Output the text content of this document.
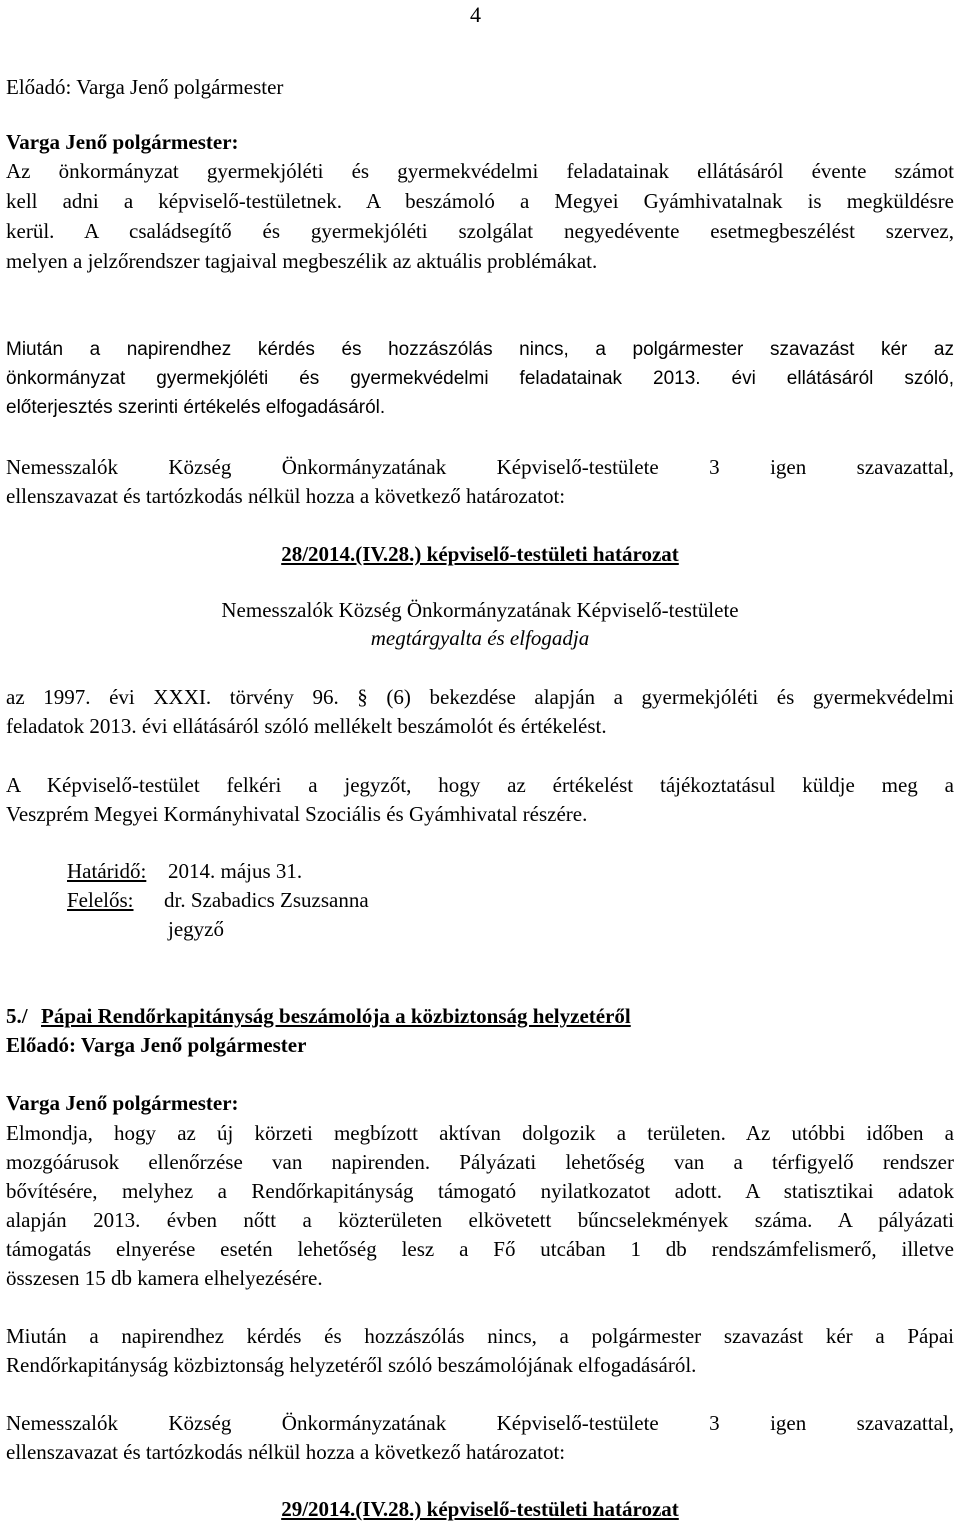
4
Előadó: Varga Jenő polgármester
Varga Jenő polgármester:
Az önkormányzat gyermekjóléti és gyermekvédelmi feladatainak ellátásáról évente számot
kell adni a képviselő-testületnek. A beszámoló a Megyei Gyámhivatalnak is megküldésre
kerül. A családsegítő és gyermekjóléti szolgálat negyedévente esetmegbeszélést szervez,
melyen a jelzőrendszer tagjaival megbeszélik az aktuális problémákat.
Miután a napirendhez kérdés és hozzászólás nincs, a polgármester szavazást kér az
önkormányzat gyermekjóléti és gyermekvédelmi feladatainak 2013. évi ellátásáról szóló,
előterjesztés szerinti értékelés elfogadásáról.
Nemesszalók Község Önkormányzatának Képviselő-testülete 3 igen szavazattal,
ellenszavazat és tartózkodás nélkül hozza a következő határozatot:
28/2014.(IV.28.) képviselő-testületi határozat
Nemesszalók Község Önkormányzatának Képviselő-testülete
megtárgyalta és elfogadja
az 1997. évi XXXI. törvény 96. § (6) bekezdése alapján a gyermekjóléti és gyermekvédelmi
feladatok 2013. évi ellátásáról szóló mellékelt beszámolót és értékelést.
A Képviselő-testület felkéri a jegyzőt, hogy az értékelést tájékoztatásul küldje meg a
Veszprém Megyei Kormányhivatal Szociális és Gyámhivatal részére.
Határidő: 2014. május 31.
Felelős: dr. Szabadics Zsuzsanna
jegyző
5./ Pápai Rendőrkapitányság beszámolója a közbiztonság helyzetéről
Előadó: Varga Jenő polgármester
Varga Jenő polgármester:
Elmondja, hogy az új körzeti megbízott aktívan dolgozik a területen. Az utóbbi időben a
mozgóárusok ellenőrzése van napirenden. Pályázati lehetőség van a térfigyelő rendszer
bővítésére, melyhez a Rendőrkapitányság támogató nyilatkozatot adott. A statisztikai adatok
alapján 2013. évben nőtt a közterületen elkövetett bűncselekmények száma. A pályázati
támogatás elnyerése esetén lehetőség lesz a Fő utcában 1 db rendszámfelismerő, illetve
összesen 15 db kamera elhelyezésére.
Miután a napirendhez kérdés és hozzászólás nincs, a polgármester szavazást kér a Pápai
Rendőrkapitányság közbiztonság helyzetéről szóló beszámolójának elfogadásáról.
Nemesszalók Község Önkormányzatának Képviselő-testülete 3 igen szavazattal,
ellenszavazat és tartózkodás nélkül hozza a következő határozatot:
29/2014.(IV.28.) képviselő-testületi határozat
